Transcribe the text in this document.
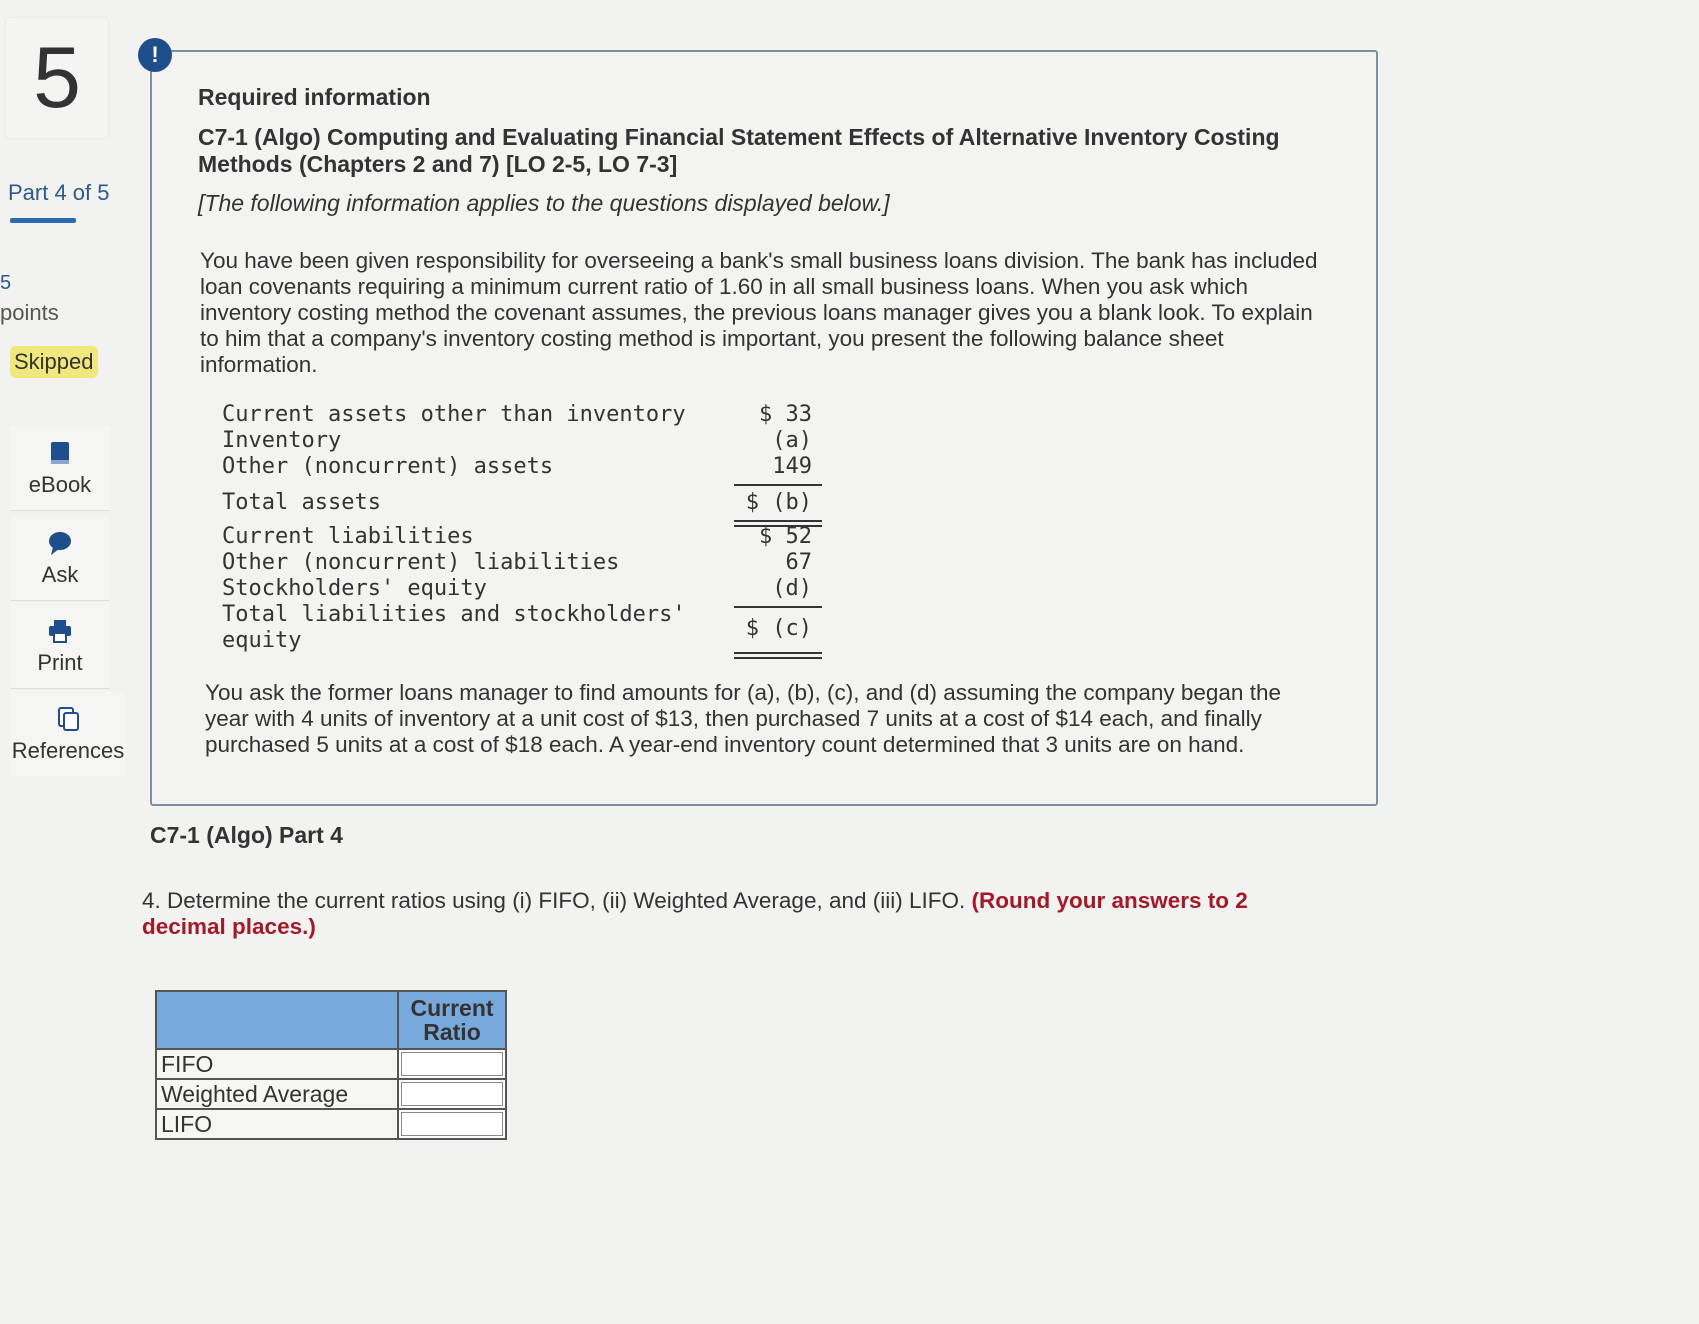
5
Part 4 of 5
5
points
Skipped
eBook
Ask
Print
References
!
Required information
C7-1 (Algo) Computing and Evaluating Financial Statement Effects of Alternative Inventory Costing Methods (Chapters 2 and 7) [LO 2-5, LO 7-3]
[The following information applies to the questions displayed below.]
You have been given responsibility for overseeing a bank's small business loans division. The bank has included loan covenants requiring a minimum current ratio of 1.60 in all small business loans. When you ask which inventory costing method the covenant assumes, the previous loans manager gives you a blank look. To explain to him that a company's inventory costing method is important, you present the following balance sheet information.
Current assets other than inventory	$ 33
Inventory	(a)
Other (noncurrent) assets	149
Total assets	$ (b)
Current liabilities	$ 52
Other (noncurrent) liabilities	67
Stockholders' equity	(d)
Total liabilities and stockholders'
equity	$ (c)
You ask the former loans manager to find amounts for (a), (b), (c), and (d) assuming the company began the year with 4 units of inventory at a unit cost of $13, then purchased 7 units at a cost of $14 each, and finally purchased 5 units at a cost of $18 each. A year-end inventory count determined that 3 units are on hand.
C7-1 (Algo) Part 4
4. Determine the current ratios using (i) FIFO, (ii) Weighted Average, and (iii) LIFO. (Round your answers to 2 decimal places.)
	Current
Ratio
FIFO	

Weighted Average	

LIFO	
